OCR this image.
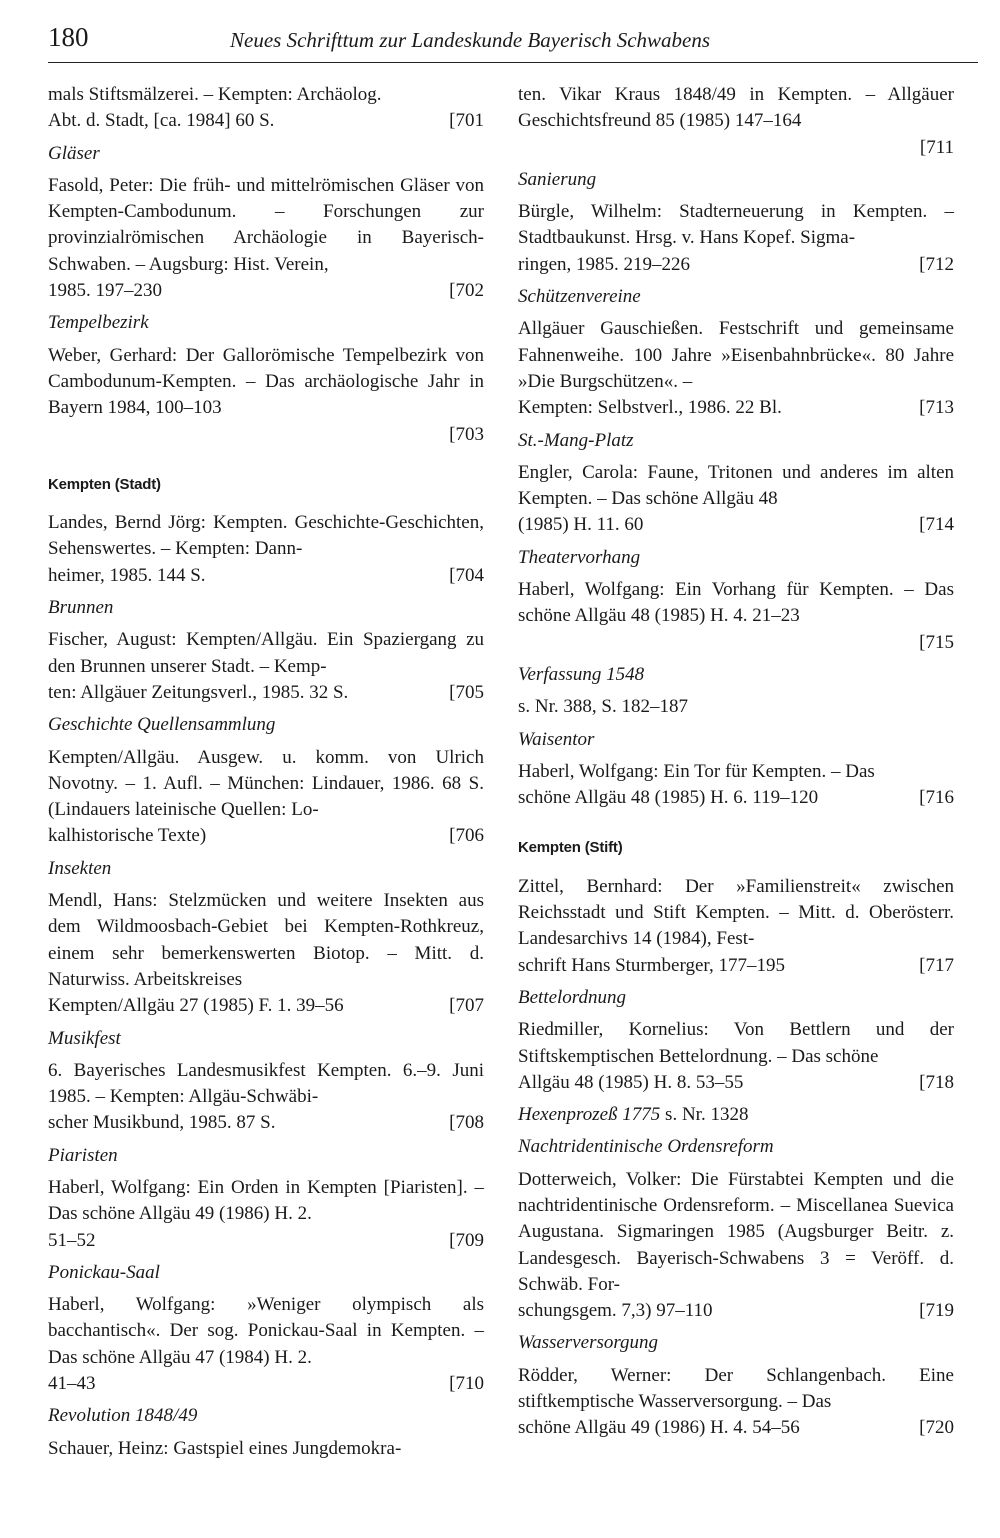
180	Neues Schrifttum zur Landeskunde Bayerisch Schwabens
mals Stiftsmälzerei. – Kempten: Archäolog.
Abt. d. Stadt, [ca. 1984] 60 S.	[701
Gläser
Fasold, Peter: Die früh- und mittelrömischen Gläser von Kempten-Cambodunum. – Forschungen zur provinzialrömischen Archäologie in Bayerisch-Schwaben. – Augsburg: Hist. Verein,
1985. 197–230	[702
Tempelbezirk
Weber, Gerhard: Der Gallorömische Tempelbezirk von Cambodunum-Kempten. – Das archäologische Jahr in Bayern 1984, 100–103
[703
Kempten (Stadt)
Landes, Bernd Jörg: Kempten. Geschichte-Geschichten, Sehenswertes. – Kempten: Dann-
heimer, 1985. 144 S.	[704
Brunnen
Fischer, August: Kempten/Allgäu. Ein Spaziergang zu den Brunnen unserer Stadt. – Kemp-
ten: Allgäuer Zeitungsverl., 1985. 32 S.	[705
Geschichte Quellensammlung
Kempten/Allgäu. Ausgew. u. komm. von Ulrich Novotny. – 1. Aufl. – München: Lindauer, 1986. 68 S. (Lindauers lateinische Quellen: Lo-
kalhistorische Texte)	[706
Insekten
Mendl, Hans: Stelzmücken und weitere Insekten aus dem Wildmoosbach-Gebiet bei Kempten-Rothkreuz, einem sehr bemerkenswerten Biotop. – Mitt. d. Naturwiss. Arbeitskreises
Kempten/Allgäu 27 (1985) F. 1. 39–56	[707
Musikfest
6. Bayerisches Landesmusikfest Kempten. 6.–9. Juni 1985. – Kempten: Allgäu-Schwäbi-
scher Musikbund, 1985. 87 S.	[708
Piaristen
Haberl, Wolfgang: Ein Orden in Kempten [Piaristen]. – Das schöne Allgäu 49 (1986) H. 2.
51–52	[709
Ponickau-Saal
Haberl, Wolfgang: »Weniger olympisch als bacchantisch«. Der sog. Ponickau-Saal in Kempten. – Das schöne Allgäu 47 (1984) H. 2.
41–43	[710
Revolution 1848/49
Schauer, Heinz: Gastspiel eines Jungdemokra-
ten. Vikar Kraus 1848/49 in Kempten. – Allgäuer Geschichtsfreund 85 (1985) 147–164
[711
Sanierung
Bürgle, Wilhelm: Stadterneuerung in Kempten. – Stadtbaukunst. Hrsg. v. Hans Kopef. Sigma-
ringen, 1985. 219–226	[712
Schützenvereine
Allgäuer Gauschießen. Festschrift und gemeinsame Fahnenweihe. 100 Jahre »Eisenbahnbrücke«. 80 Jahre »Die Burgschützen«. –
Kempten: Selbstverl., 1986. 22 Bl.	[713
St.-Mang-Platz
Engler, Carola: Faune, Tritonen und anderes im alten Kempten. – Das schöne Allgäu 48
(1985) H. 11. 60	[714
Theatervorhang
Haberl, Wolfgang: Ein Vorhang für Kempten. – Das schöne Allgäu 48 (1985) H. 4. 21–23
[715
Verfassung 1548
s. Nr. 388, S. 182–187
Waisentor
Haberl, Wolfgang: Ein Tor für Kempten. – Das
schöne Allgäu 48 (1985) H. 6. 119–120	[716
Kempten (Stift)
Zittel, Bernhard: Der »Familienstreit« zwischen Reichsstadt und Stift Kempten. – Mitt. d. Oberösterr. Landesarchivs 14 (1984), Fest-
schrift Hans Sturmberger, 177–195	[717
Bettelordnung
Riedmiller, Kornelius: Von Bettlern und der Stiftskemptischen Bettelordnung. – Das schöne
Allgäu 48 (1985) H. 8. 53–55	[718
Hexenprozeß 1775 s. Nr. 1328
Nachtridentinische Ordensreform
Dotterweich, Volker: Die Fürstabtei Kempten und die nachtridentinische Ordensreform. – Miscellanea Suevica Augustana. Sigmaringen 1985 (Augsburger Beitr. z. Landesgesch. Bayerisch-Schwabens 3 = Veröff. d. Schwäb. For-
schungsgem. 7,3) 97–110	[719
Wasserversorgung
Rödder, Werner: Der Schlangenbach. Eine stiftkemptische Wasserversorgung. – Das
schöne Allgäu 49 (1986) H. 4. 54–56	[720
